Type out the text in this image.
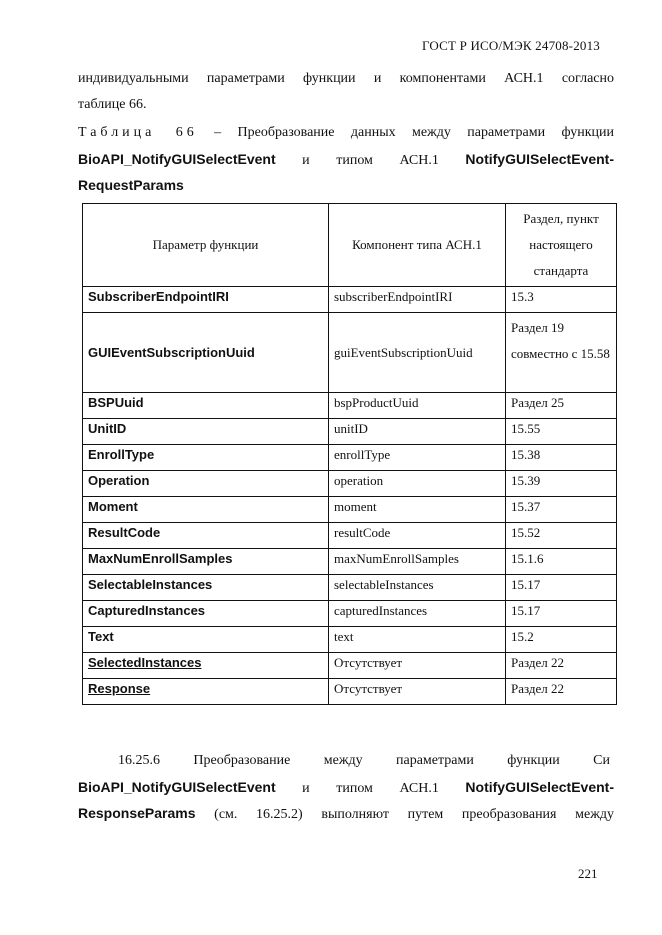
ГОСТ Р ИСО/МЭК 24708-2013
индивидуальными параметрами функции и компонентами АСН.1 согласно
таблице 66.
Таблица 66 – Преобразование данных между параметрами функции
BioAPI_NotifyGUISelectEvent и типом АСН.1 NotifyGUISelectEvent-
RequestParams
Параметр функции	Компонент типа АСН.1	Раздел, пункт настоящего стандарта
SubscriberEndpointIRI	subscriberEndpointIRI	15.3
GUIEventSubscriptionUuid	guiEventSubscriptionUuid	Раздел 19 совместно с 15.58
BSPUuid	bspProductUuid	Раздел 25
UnitID	unitID	15.55
EnrollType	enrollType	15.38
Operation	operation	15.39
Moment	moment	15.37
ResultCode	resultCode	15.52
MaxNumEnrollSamples	maxNumEnrollSamples	15.1.6
SelectableInstances	selectableInstances	15.17
CapturedInstances	capturedInstances	15.17
Text	text	15.2
SelectedInstances	Отсутствует	Раздел 22
Response	Отсутствует	Раздел 22
16.25.6 Преобразование между параметрами функции Си
BioAPI_NotifyGUISelectEvent и типом АСН.1 NotifyGUISelectEvent-
ResponseParams (см. 16.25.2) выполняют путем преобразования между
221
